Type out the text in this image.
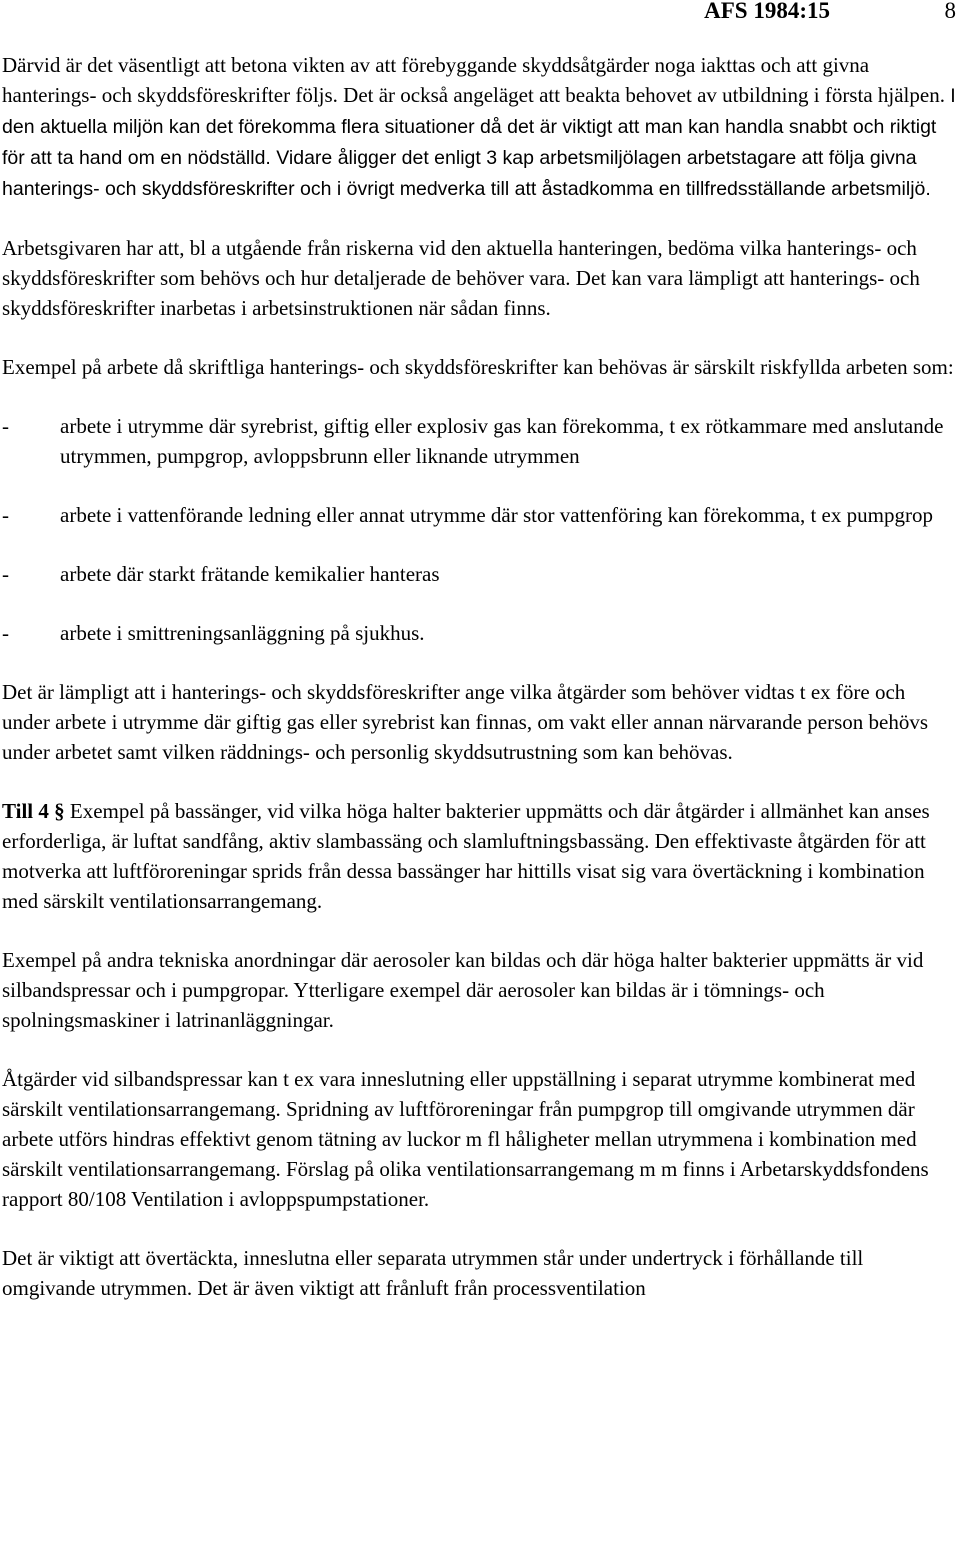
AFS 1984:15	8

Därvid är det väsentligt att betona vikten av att förebyggande skyddsåtgärder noga iakttas och att givna hanterings- och skyddsföreskrifter följs. Det är också angeläget att beakta behovet av utbildning i första hjälpen. I den aktuella miljön kan det förekomma flera situationer då det är viktigt att man kan handla snabbt och riktigt för att ta hand om en nödställd. Vidare åligger det enligt 3 kap arbetsmiljölagen arbetstagare att följa givna hanterings- och skyddsföreskrifter och i övrigt medverka till att åstadkomma en tillfredsställande arbetsmiljö.

Arbetsgivaren har att, bl a utgående från riskerna vid den aktuella hanteringen, bedöma vilka hanterings- och skyddsföreskrifter som behövs och hur detaljerade de behöver vara. Det kan vara lämpligt att hanterings- och skyddsföreskrifter inarbetas i arbetsinstruktionen när sådan finns.

Exempel på arbete då skriftliga hanterings- och skyddsföreskrifter kan behövas är särskilt riskfyllda arbeten som:

-	arbete i utrymme där syrebrist, giftig eller explosiv gas kan förekomma, t ex rötkammare med anslutande utrymmen, pumpgrop, avloppsbrunn eller liknande utrymmen
-	arbete i vattenförande ledning eller annat utrymme där stor vattenföring kan förekomma, t ex pumpgrop
-	arbete där starkt frätande kemikalier hanteras
-	arbete i smittreningsanläggning på sjukhus.

Det är lämpligt att i hanterings- och skyddsföreskrifter ange vilka åtgärder som behöver vidtas t ex före och under arbete i utrymme där giftig gas eller syrebrist kan finnas, om vakt eller annan närvarande person behövs under arbetet samt vilken räddnings- och personlig skyddsutrustning som kan behövas.

Till 4 § Exempel på bassänger, vid vilka höga halter bakterier uppmätts och där åtgärder i allmänhet kan anses erforderliga, är luftat sandfång, aktiv slambassäng och slamluftningsbassäng. Den effektivaste åtgärden för att motverka att luftföroreningar sprids från dessa bassänger har hittills visat sig vara övertäckning i kombination med särskilt ventilationsarrangemang.

Exempel på andra tekniska anordningar där aerosoler kan bildas och där höga halter bakterier uppmätts är vid silbandspressar och i pumpgropar. Ytterligare exempel där aerosoler kan bildas är i tömnings- och spolningsmaskiner i latrinanläggningar.

Åtgärder vid silbandspressar kan t ex vara inneslutning eller uppställning i separat utrymme kombinerat med särskilt ventilationsarrangemang. Spridning av luftföroreningar från pumpgrop till omgivande utrymmen där arbete utförs hindras effektivt genom tätning av luckor m fl håligheter mellan utrymmena i kombination med särskilt ventilationsarrangemang. Förslag på olika ventilationsarrangemang m m finns i Arbetarskyddsfondens rapport 80/108 Ventilation i avloppspumpstationer.

Det är viktigt att övertäckta, inneslutna eller separata utrymmen står under undertryck i förhållande till omgivande utrymmen. Det är även viktigt att frånluft från processventilation
